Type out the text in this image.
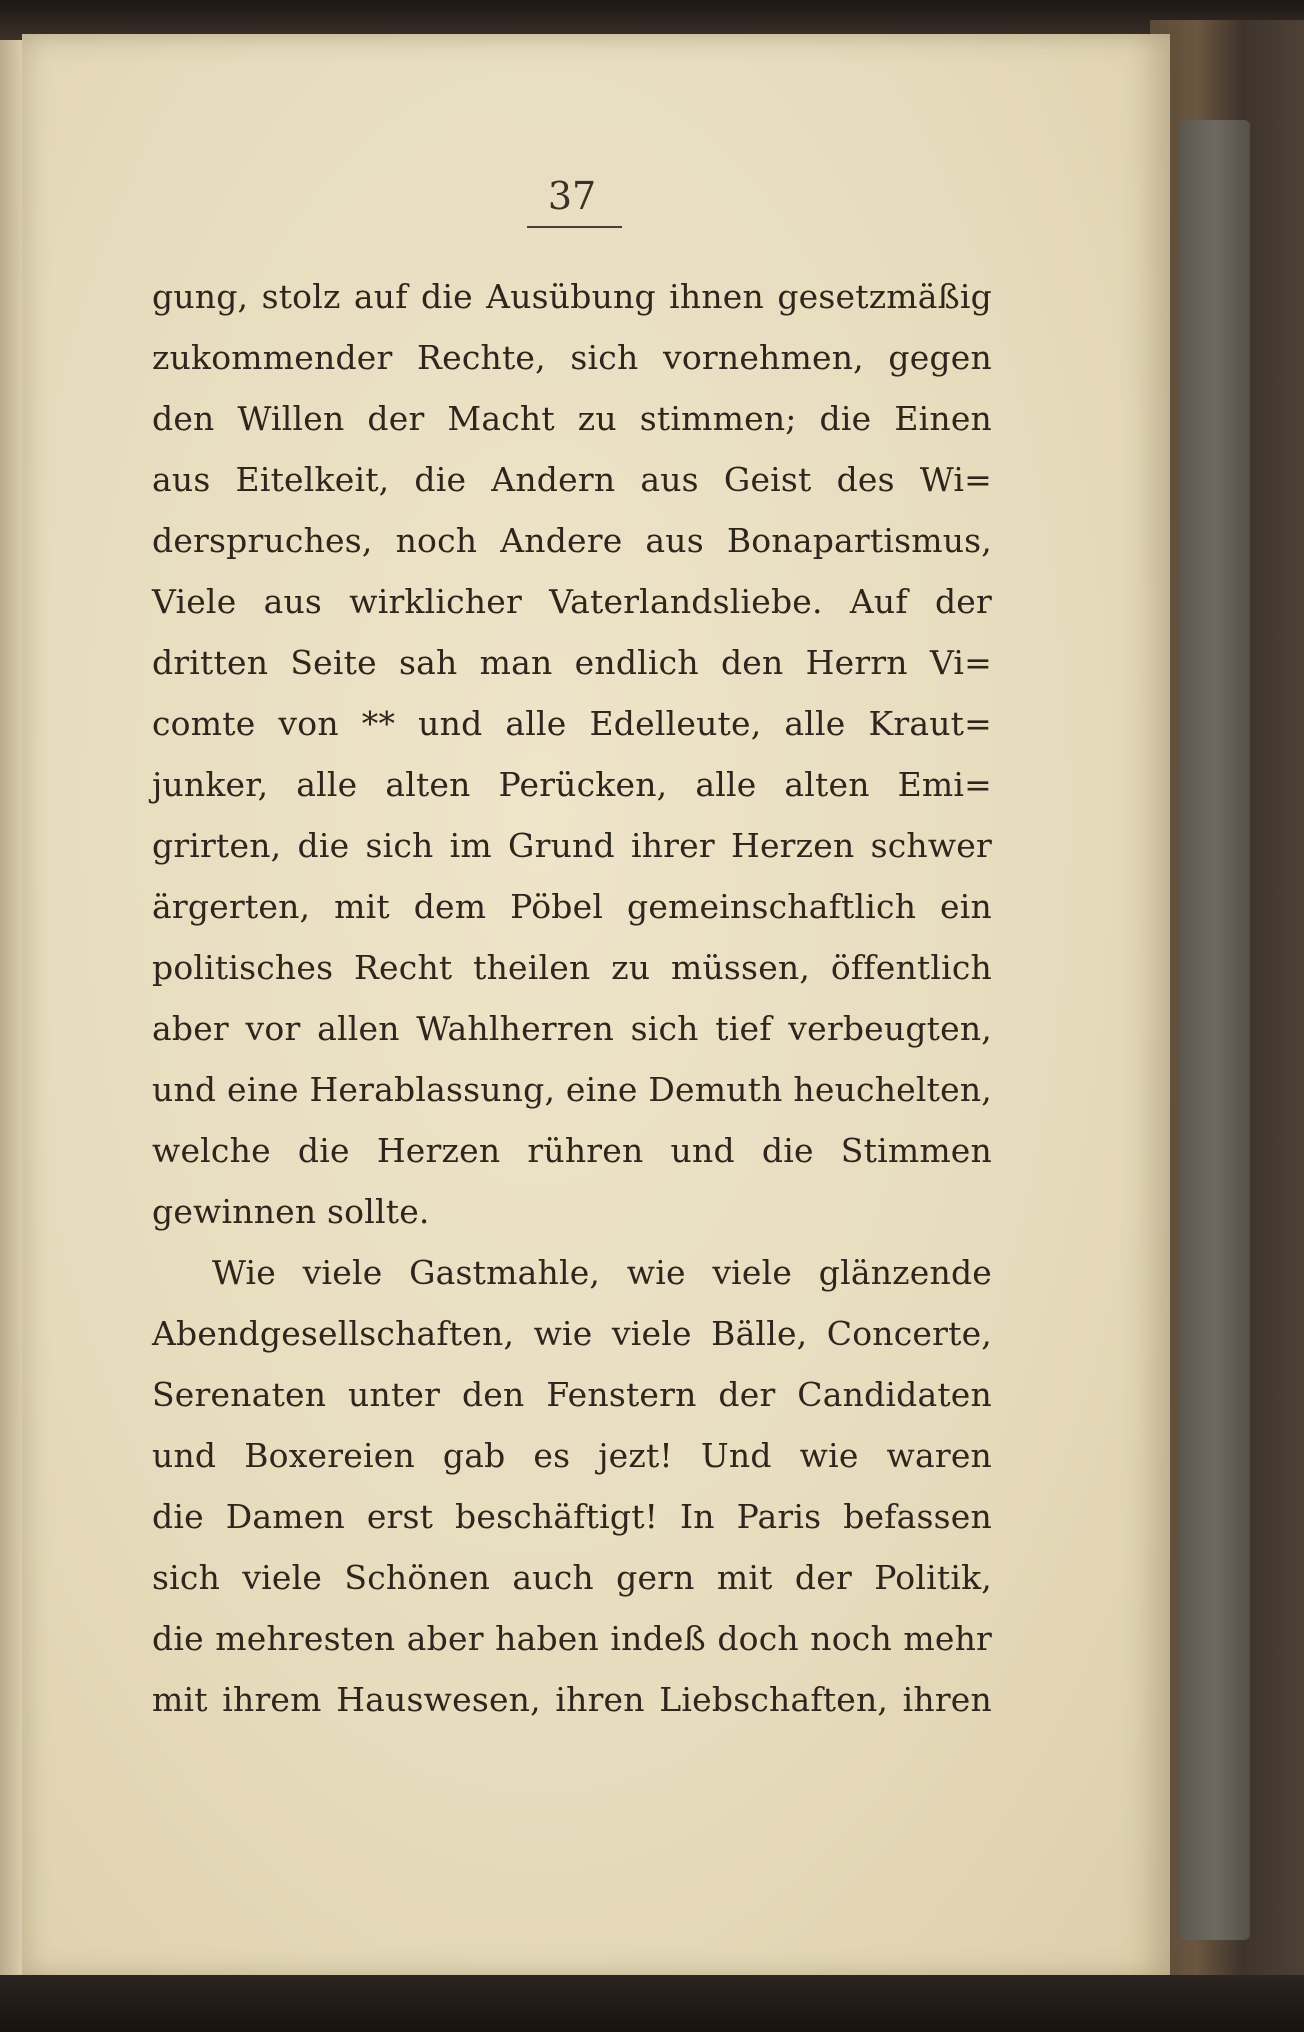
37

gung, stolz auf die Ausübung ihnen gesetzmäßig
zukommender Rechte, sich vornehmen, gegen
den Willen der Macht zu stimmen; die Einen
aus Eitelkeit, die Andern aus Geist des Wi=
derspruches, noch Andere aus Bonapartismus,
Viele aus wirklicher Vaterlandsliebe. Auf der
dritten Seite sah man endlich den Herrn Vi=
comte von ** und alle Edelleute, alle Kraut=
junker, alle alten Perücken, alle alten Emi=
grirten, die sich im Grund ihrer Herzen schwer
ärgerten, mit dem Pöbel gemeinschaftlich ein
politisches Recht theilen zu müssen, öffentlich
aber vor allen Wahlherren sich tief verbeugten,
und eine Herablassung, eine Demuth heuchelten,
welche die Herzen rühren und die Stimmen
gewinnen sollte.
Wie viele Gastmahle, wie viele glänzende
Abendgesellschaften, wie viele Bälle, Concerte,
Serenaten unter den Fenstern der Candidaten
und Boxereien gab es jezt! Und wie waren
die Damen erst beschäftigt! In Paris befassen
sich viele Schönen auch gern mit der Politik,
die mehresten aber haben indeß doch noch mehr
mit ihrem Hauswesen, ihren Liebschaften, ihren
